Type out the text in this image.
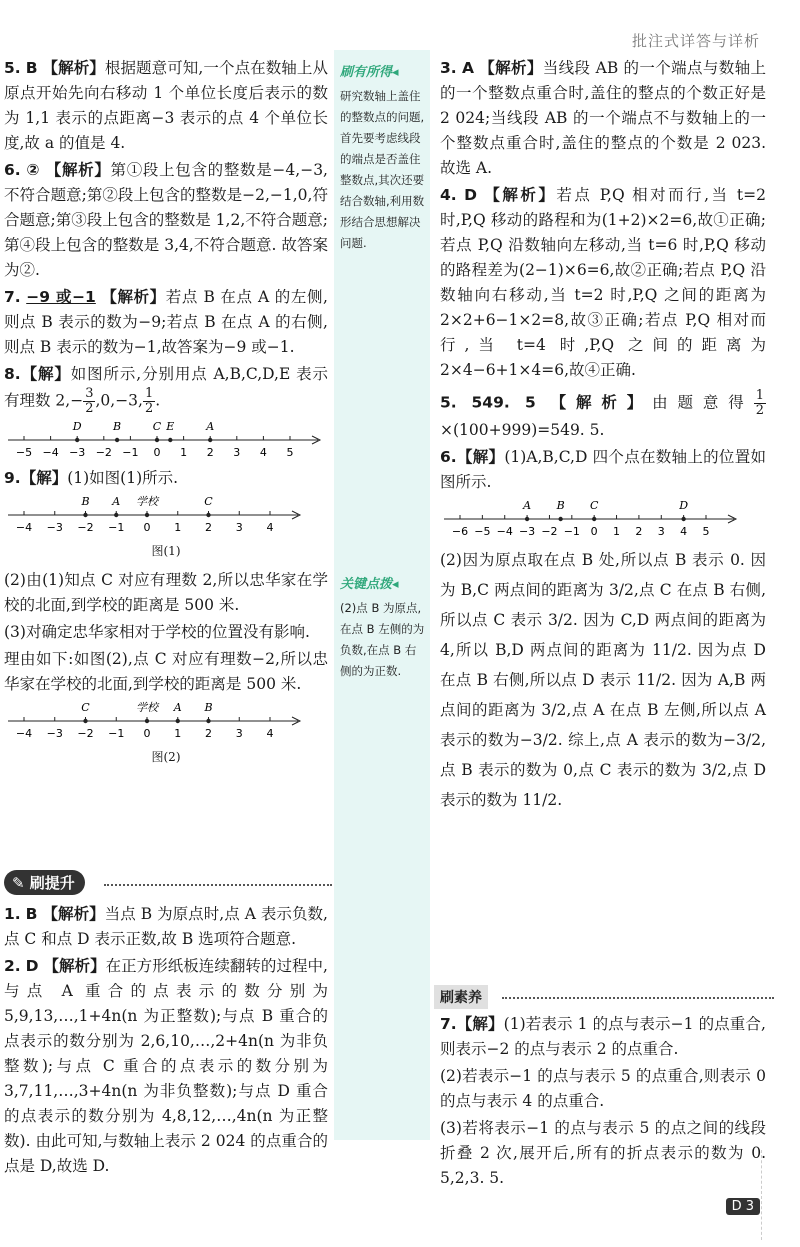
批注式详答与详析

5. B 【解析】根据题意可知,一个点在数轴上从原点开始先向右移动 1 个单位长度后表示的数为 1,1 表示的点距离−3 表示的点 4 个单位长度,故 a 的值是 4.

6. ② 【解析】第①段上包含的整数是−4,−3,不符合题意;第②段上包含的整数是−2,−1,0,符合题意;第③段上包含的整数是 1,2,不符合题意;第④段上包含的整数是 3,4,不符合题意. 故答案为②.

7. −9 或−1 【解析】若点 B 在点 A 的左侧,则点 B 表示的数为−9;若点 B 在点 A 的右侧,则点 B 表示的数为−1,故答案为−9 或−1.

8.【解】如图所示,分别用点 A,B,C,D,E 表示有理数 $2,- \frac{3}{2} ,0,-3$, $\frac{1}{2}$ .

−5 −4 −3 −2 −1 0 1 2 3 4 5
D	B	C E	A

9.【解】(1)如图(1)所示.

−4 −3 −2 −1 0 1 2 3 4
B A 学校	C
图(1)

(2)由(1)知点 C 对应有理数 2,所以忠华家在学校的北面,到学校的距离是 500 米.

(3)对确定忠华家相对于学校的位置没有影响.

理由如下:如图(2),点 C 对应有理数−2,所以忠华家在学校的北面,到学校的距离是 500 米.

−4 −3 −2 −1 0 1 2 3 4
C	学校 A B
图(2)
✎ 刷提升

1. B 【解析】当点 B 为原点时,点 A 表示负数,点 C 和点 D 表示正数,故 B 选项符合题意.

2. D 【解析】在正方形纸板连续翻转的过程中,与点 A 重合的点表示的数分别为 5,9,13,…,1+4n(n 为正整数);与点 B 重合的点表示的数分别为 2,6,10,…,2+4n(n 为非负整数);与点 C 重合的点表示的数分别为 3,7,11,…,3+4n(n 为非负整数);与点 D 重合的点表示的数分别为 4,8,12,…,4n(n 为正整数). 由此可知,与数轴上表示 2 024 的点重合的点是 D,故选 D.

刷有所得◂
研究数轴上盖住的整数点的问题,首先要考虑线段的端点是否盖住整数点,其次还要结合数轴,利用数形结合思想解决问题.
关键点拨◂
(2)点 B 为原点,在点 B 左侧的为负数,在点 B 右侧的为正数.

3. A 【解析】当线段 AB 的一个端点与数轴上的一个整数点重合时,盖住的整点的个数正好是 2 024;当线段 AB 的一个端点不与数轴上的一个整数点重合时,盖住的整点的个数是 2 023. 故选 A.

4. D 【解析】若点 P,Q 相对而行,当 t=2 时,P,Q 移动的路程和为(1+2)×2=6,故①正确;若点 P,Q 沿数轴向左移动,当 t=6 时,P,Q 移动的路程差为(2−1)×6=6,故②正确;若点 P,Q 沿数轴向右移动,当 t=2 时,P,Q 之间的距离为 2×2+6−1×2=8,故③正确;若点 P,Q 相对而行,当 t=4 时,P,Q 之间的距离为 2×4−6+1×4=6,故④正确.

5. 549. 5 【解析】由题意得 $\frac{1}{2}$
×(100+999)=549. 5.

6.【解】(1)A,B,C,D 四个点在数轴上的位置如图所示.

−6 −5 −4 −3 −2 −1 0 1 2 3 4 5
A B C	D

(2)因为原点取在点 B 处,所以点 B 表示 0. 因为 B,C 两点间的距离为 3/2,点 C 在点 B 右侧,所以点 C 表示 3/2. 因为 C,D 两点间的距离为 4,所以 B,D 两点间的距离为 11/2. 因为点 D 在点 B 右侧,所以点 D 表示 11/2. 因为 A,B 两点间的距离为 3/2,点 A 在点 B 左侧,所以点 A 表示的数为−3/2. 综上,点 A 表示的数为−3/2,点 B 表示的数为 0,点 C 表示的数为 3/2,点 D 表示的数为 11/2.

刷素养

7.【解】(1)若表示 1 的点与表示−1 的点重合,则表示−2 的点与表示 2 的点重合.

(2)若表示−1 的点与表示 5 的点重合,则表示 0 的点与表示 4 的点重合.

(3)若将表示−1 的点与表示 5 的点之间的线段折叠 2 次,展开后,所有的折点表示的数为 0. 5,2,3. 5.

D 3
